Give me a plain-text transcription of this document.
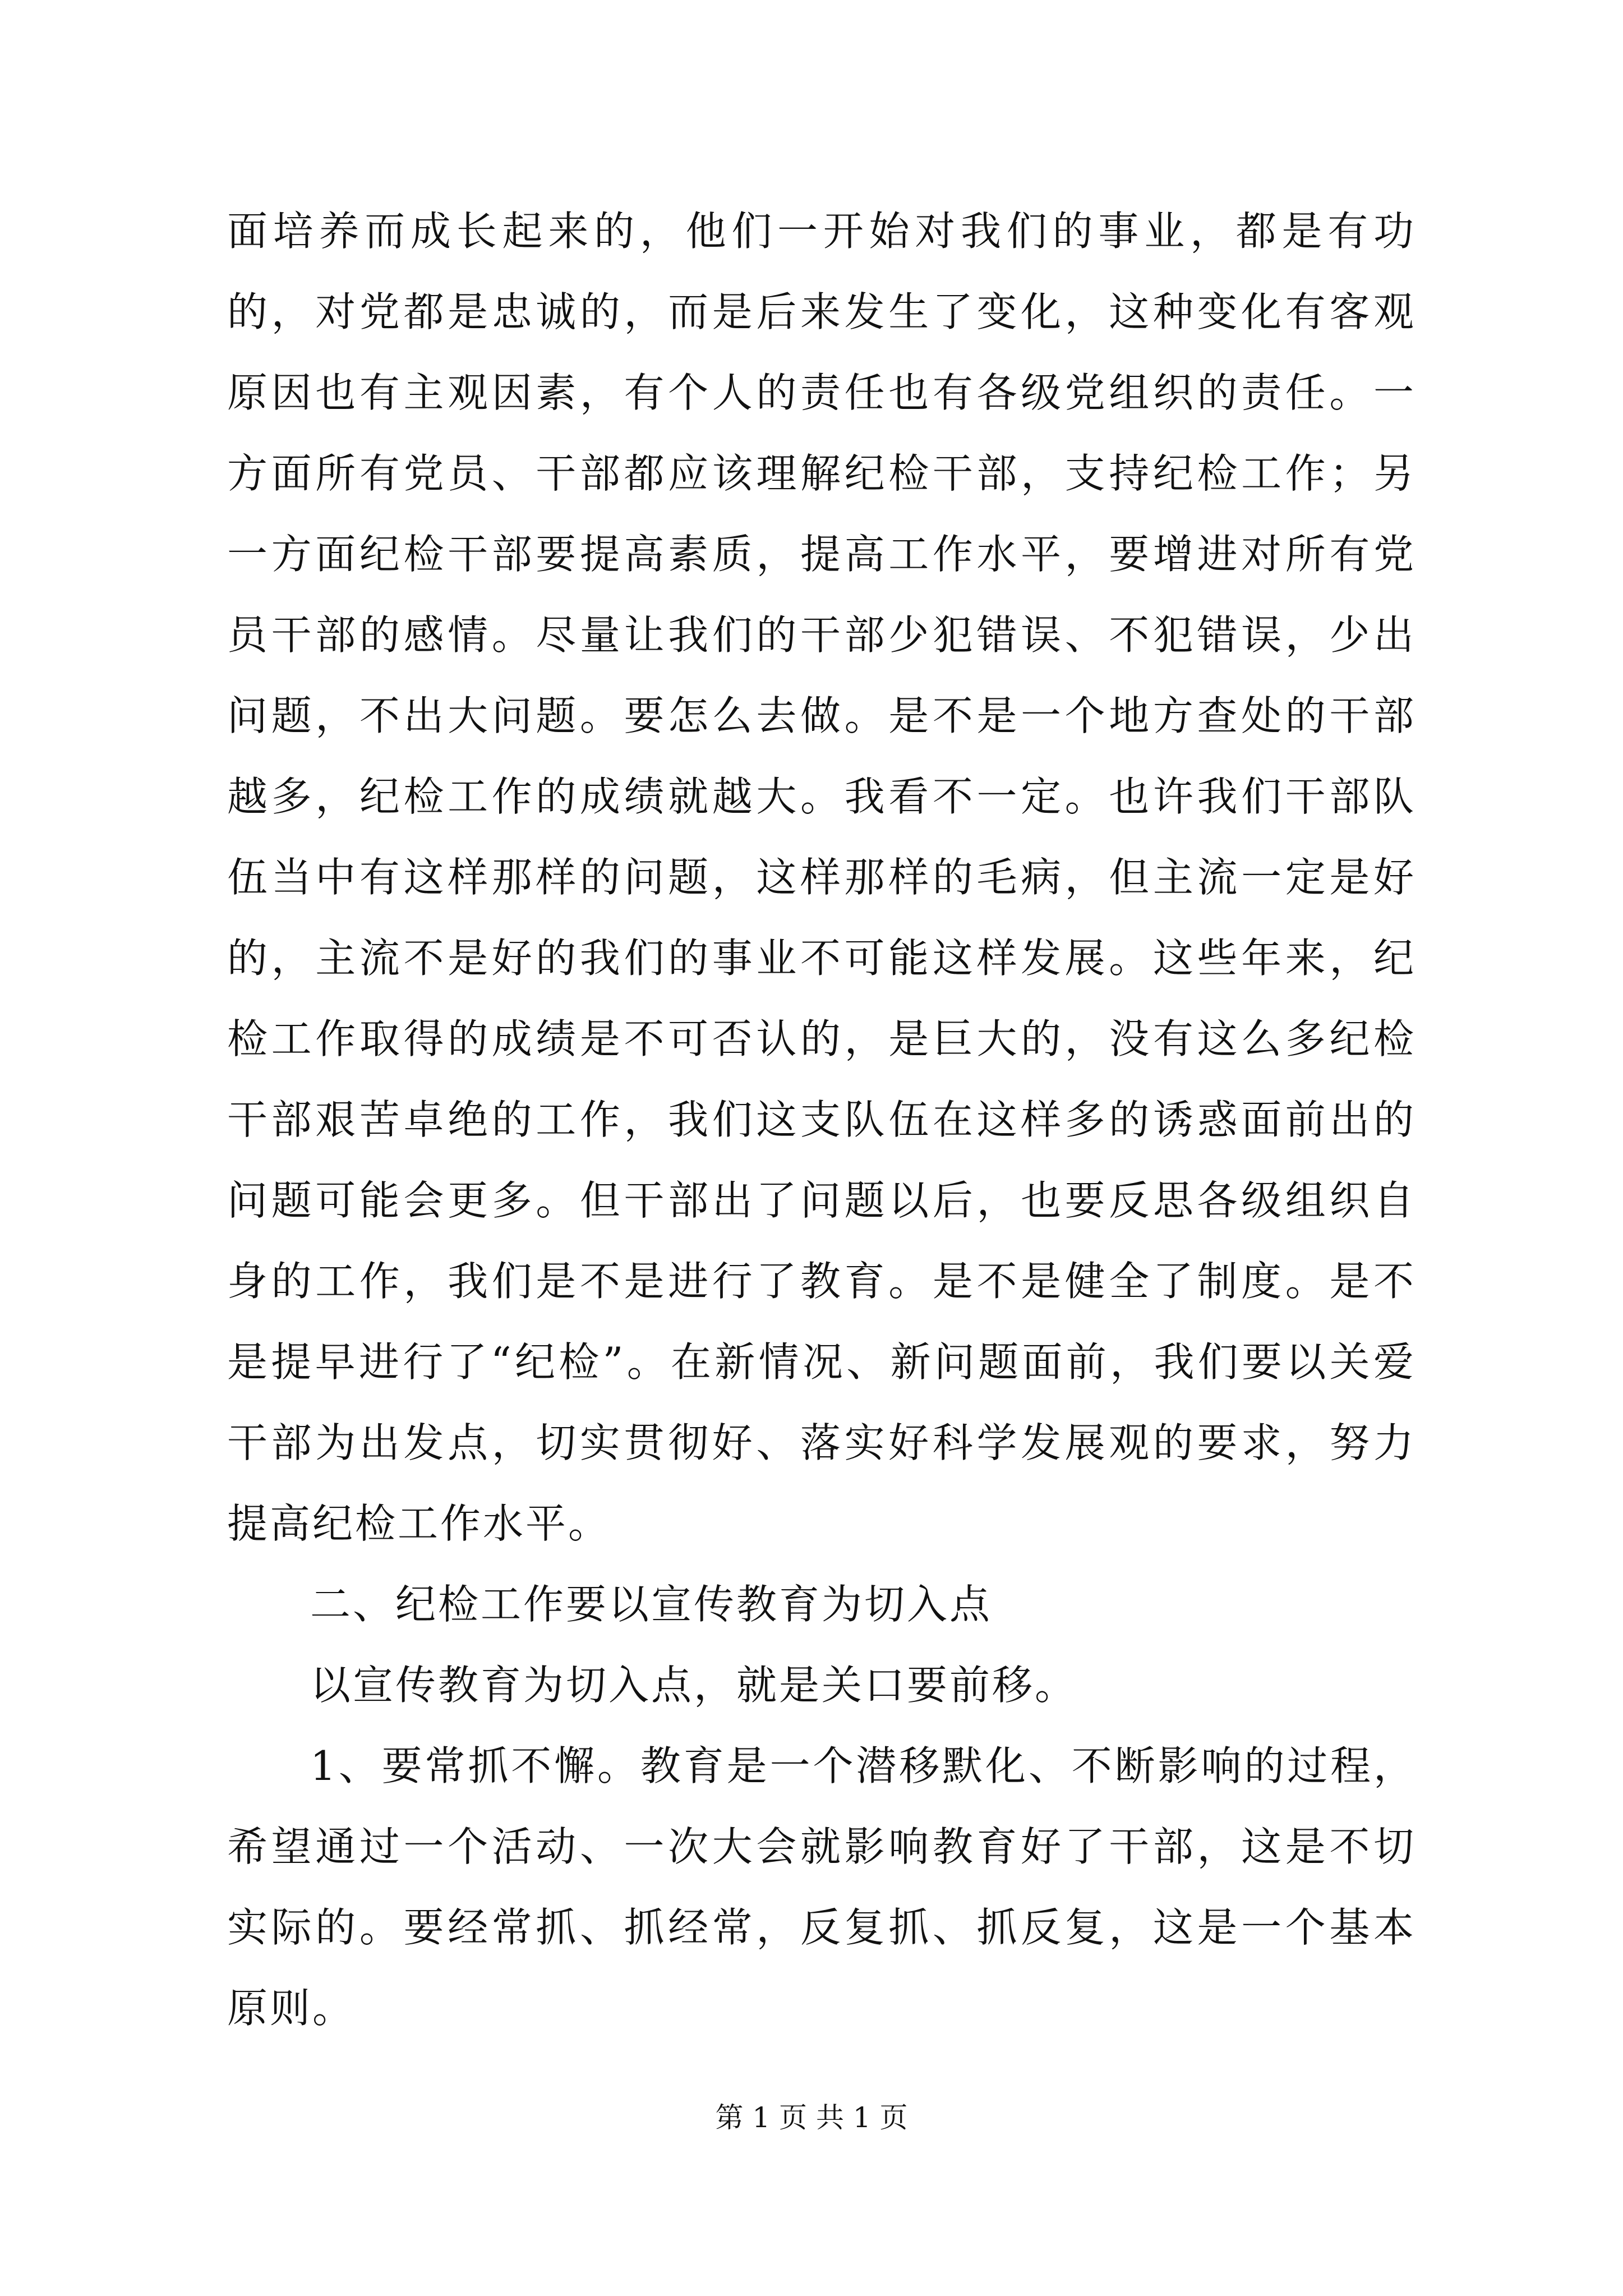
面培养而成长起来的，他们一开始对我们的事业，都是有功的，对党都是忠诚的，而是后来发生了变化，这种变化有客观原因也有主观因素，有个人的责任也有各级党组织的责任。一方面所有党员、干部都应该理解纪检干部，支持纪检工作；另一方面纪检干部要提高素质，提高工作水平，要增进对所有党员干部的感情。尽量让我们的干部少犯错误、不犯错误，少出问题，不出大问题。要怎么去做。是不是一个地方查处的干部越多，纪检工作的成绩就越大。我看不一定。也许我们干部队伍当中有这样那样的问题，这样那样的毛病，但主流一定是好的，主流不是好的我们的事业不可能这样发展。这些年来，纪检工作取得的成绩是不可否认的，是巨大的，没有这么多纪检干部艰苦卓绝的工作，我们这支队伍在这样多的诱惑面前出的问题可能会更多。但干部出了问题以后，也要反思各级组织自身的工作，我们是不是进行了教育。是不是健全了制度。是不是提早进行了“纪检”。在新情况、新问题面前，我们要以关爱干部为出发点，切实贯彻好、落实好科学发展观的要求，努力提高纪检工作水平。

二、纪检工作要以宣传教育为切入点

以宣传教育为切入点，就是关口要前移。

1、要常抓不懈。教育是一个潜移默化、不断影响的过程，希望通过一个活动、一次大会就影响教育好了干部，这是不切实际的。要经常抓、抓经常，反复抓、抓反复，这是一个基本原则。

第 1 页 共 1 页
